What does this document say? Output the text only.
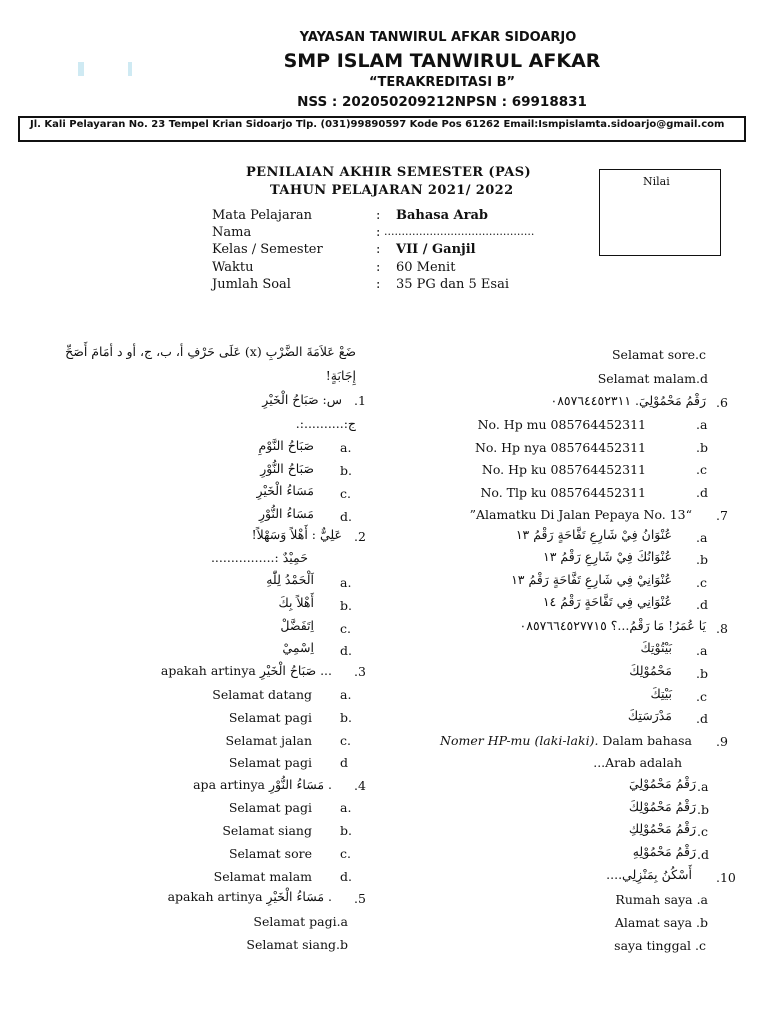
YAYASAN TANWIRUL AFKAR SIDOARJO
SMP ISLAM TANWIRUL AFKAR
“TERAKREDITASI B”
NSS : 202050209212NPSN : 69918831
Jl. Kali Pelayaran No. 23 Tempel Krian Sidoarjo Tlp. (031)99890597 Kode Pos 61262 Email:Ismpislamta.sidoarjo@gmail.com
PENILAIAN AKHIR SEMESTER (PAS)
TAHUN PELAJARAN 2021/ 2022
Nilai
Mata Pelajaran	: Bahasa Arab
Nama	: ...........................................
Kelas / Semester	: VII / Ganjil
Waktu	: 60 Menit
Jumlah Soal	: 35 PG dan 5 Esai
ضَعْ عَلاَمَةَ الضَّرْبِ (x) عَلَى حَرْفِ أ، ب، ج، أو د أمَامَ أَصَحِّ
إِجَابَةٍ!
.1
س: صَبَاحُ الْخَيْرِ
ج:..........:.
صَبَاحُ النَّوْمِ a.
صَبَاحُ النُّوْرِ b.
مَسَاءُ الْخَيْرِ c.
مَسَاءُ النُّوْرِ d.
.2
عَلِيٌّ : أَهْلاً وَسَهْلاً!
حَمِيْدٌ :................
اَلْحَمْدُ لِلّٰهِ a.
أَهْلاً بِكَ b.
اِتَفَضَّلْ c.
اِسْمِيْ d.
.3
apakah artinya صَبَاحُ الْخَيْرِ ...
Selamat datang a.
Selamat pagi b.
Selamat jalan c.
Selamat pagi d
.4
apa artinya مَسَاءُ النُّوْرِ .
Selamat pagi a.
Selamat siang b.
Selamat sore c.
Selamat malam d.
.5
apakah artinya مَسَاءُ الْخَيْرِ .
Selamat pagi.a
Selamat siang.b
Selamat sore.c
Selamat malam.d
.6
رَقْمُ مَحْمُوْلِيَ. ٠٨٥٧٦٤٤٥٢٣١١
No. Hp mu 085764452311	.a
No. Hp nya 085764452311	.b
No. Hp ku 085764452311	.c
No. Tlp ku 085764452311	.d
.7
”Alamatku Di Jalan Pepaya No. 13“
عُنْوَانُ فِيْ شَارِعِ تَفَّاحَةٍ رَقْمُ ١٣ .a
عُنْوَانُكَ فِيْ شَارِعِ رَقْمُ ١٣ .b
عُنْوَانِيْ فِي شَارِعِ تَفَّاحَةٍ رَقْمُ ١٣ .c
عُنْوَانِي فِي تَفَّاحَةٍ رَقْمُ ١٤ .d
.8
يَا عُمَرُ! مَا رَقْمُ...؟ ٠٨٥٧٦٦٤٥٢٧٧١٥
بَيْتُوْتِكَ .a
مَحْمُوْلِكَ .b
بَيْتِكَ .c
مَدْرَسَتِكَ .d
.9
Nomer HP-mu (laki-laki). Dalam bahasa
Arab adalah...
رَقْمُ مَحْمُوْلِيَ .a
رَقْمُ مَحْمُوْلِكَ .b
رَقْمُ مَحْمُوْلِكِ .c
رَقْمُ مَحْمُوْلِهِ .d
.10
أَسْكُنُ بِمَنْزِلِي....
Rumah saya .a
Alamat saya .b
saya tinggal .c
